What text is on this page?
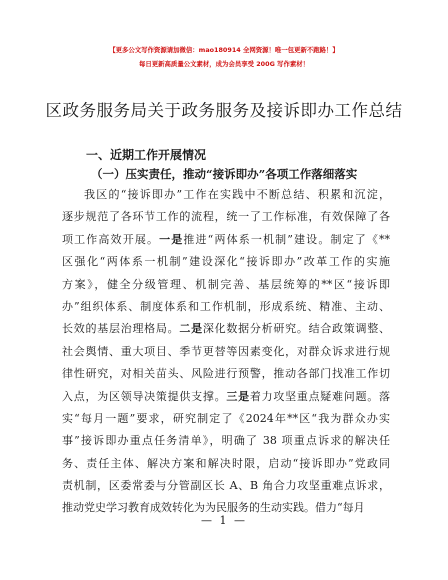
【更多公文写作资源请加微信：mao180914 全网资源！唯一包更新不跑路！】
每日更新高质量公文素材，成为会员享受 200G 写作素材！
区政务服务局关于政务服务及接诉即办工作总结
一、近期工作开展情况
（一）压实责任，推动“接诉即办”各项工作落细落实
我区的“接诉即办”工作在实践中不断总结、积累和沉淀，
逐步规范了各环节工作的流程，统一了工作标准，有效保障了各
项工作高效开展。一是推进“两体系一机制”建设。制定了《**
区强化“两体系一机制”建设深化“接诉即办”改革工作的实施
方案》，健全分级管理、机制完善、基层统筹的**区“接诉即
办”组织体系、制度体系和工作机制，形成系统、精准、主动、
长效的基层治理格局。二是深化数据分析研究。结合政策调整、
社会舆情、重大项目、季节更替等因素变化，对群众诉求进行规
律性研究，对相关苗头、风险进行预警，推动各部门找准工作切
入点，为区领导决策提供支撑。三是着力攻坚重点疑难问题。落
实“每月一题”要求，研究制定了《2024年**区“我为群众办实
事”接诉即办重点任务清单》，明确了 38 项重点诉求的解决任
务、责任主体、解决方案和解决时限，启动“接诉即办”党政同
责机制，区委常委与分管副区长 A、B 角合力攻坚重难点诉求，
推动党史学习教育成效转化为为民服务的生动实践。借力“每月
— 1 —
